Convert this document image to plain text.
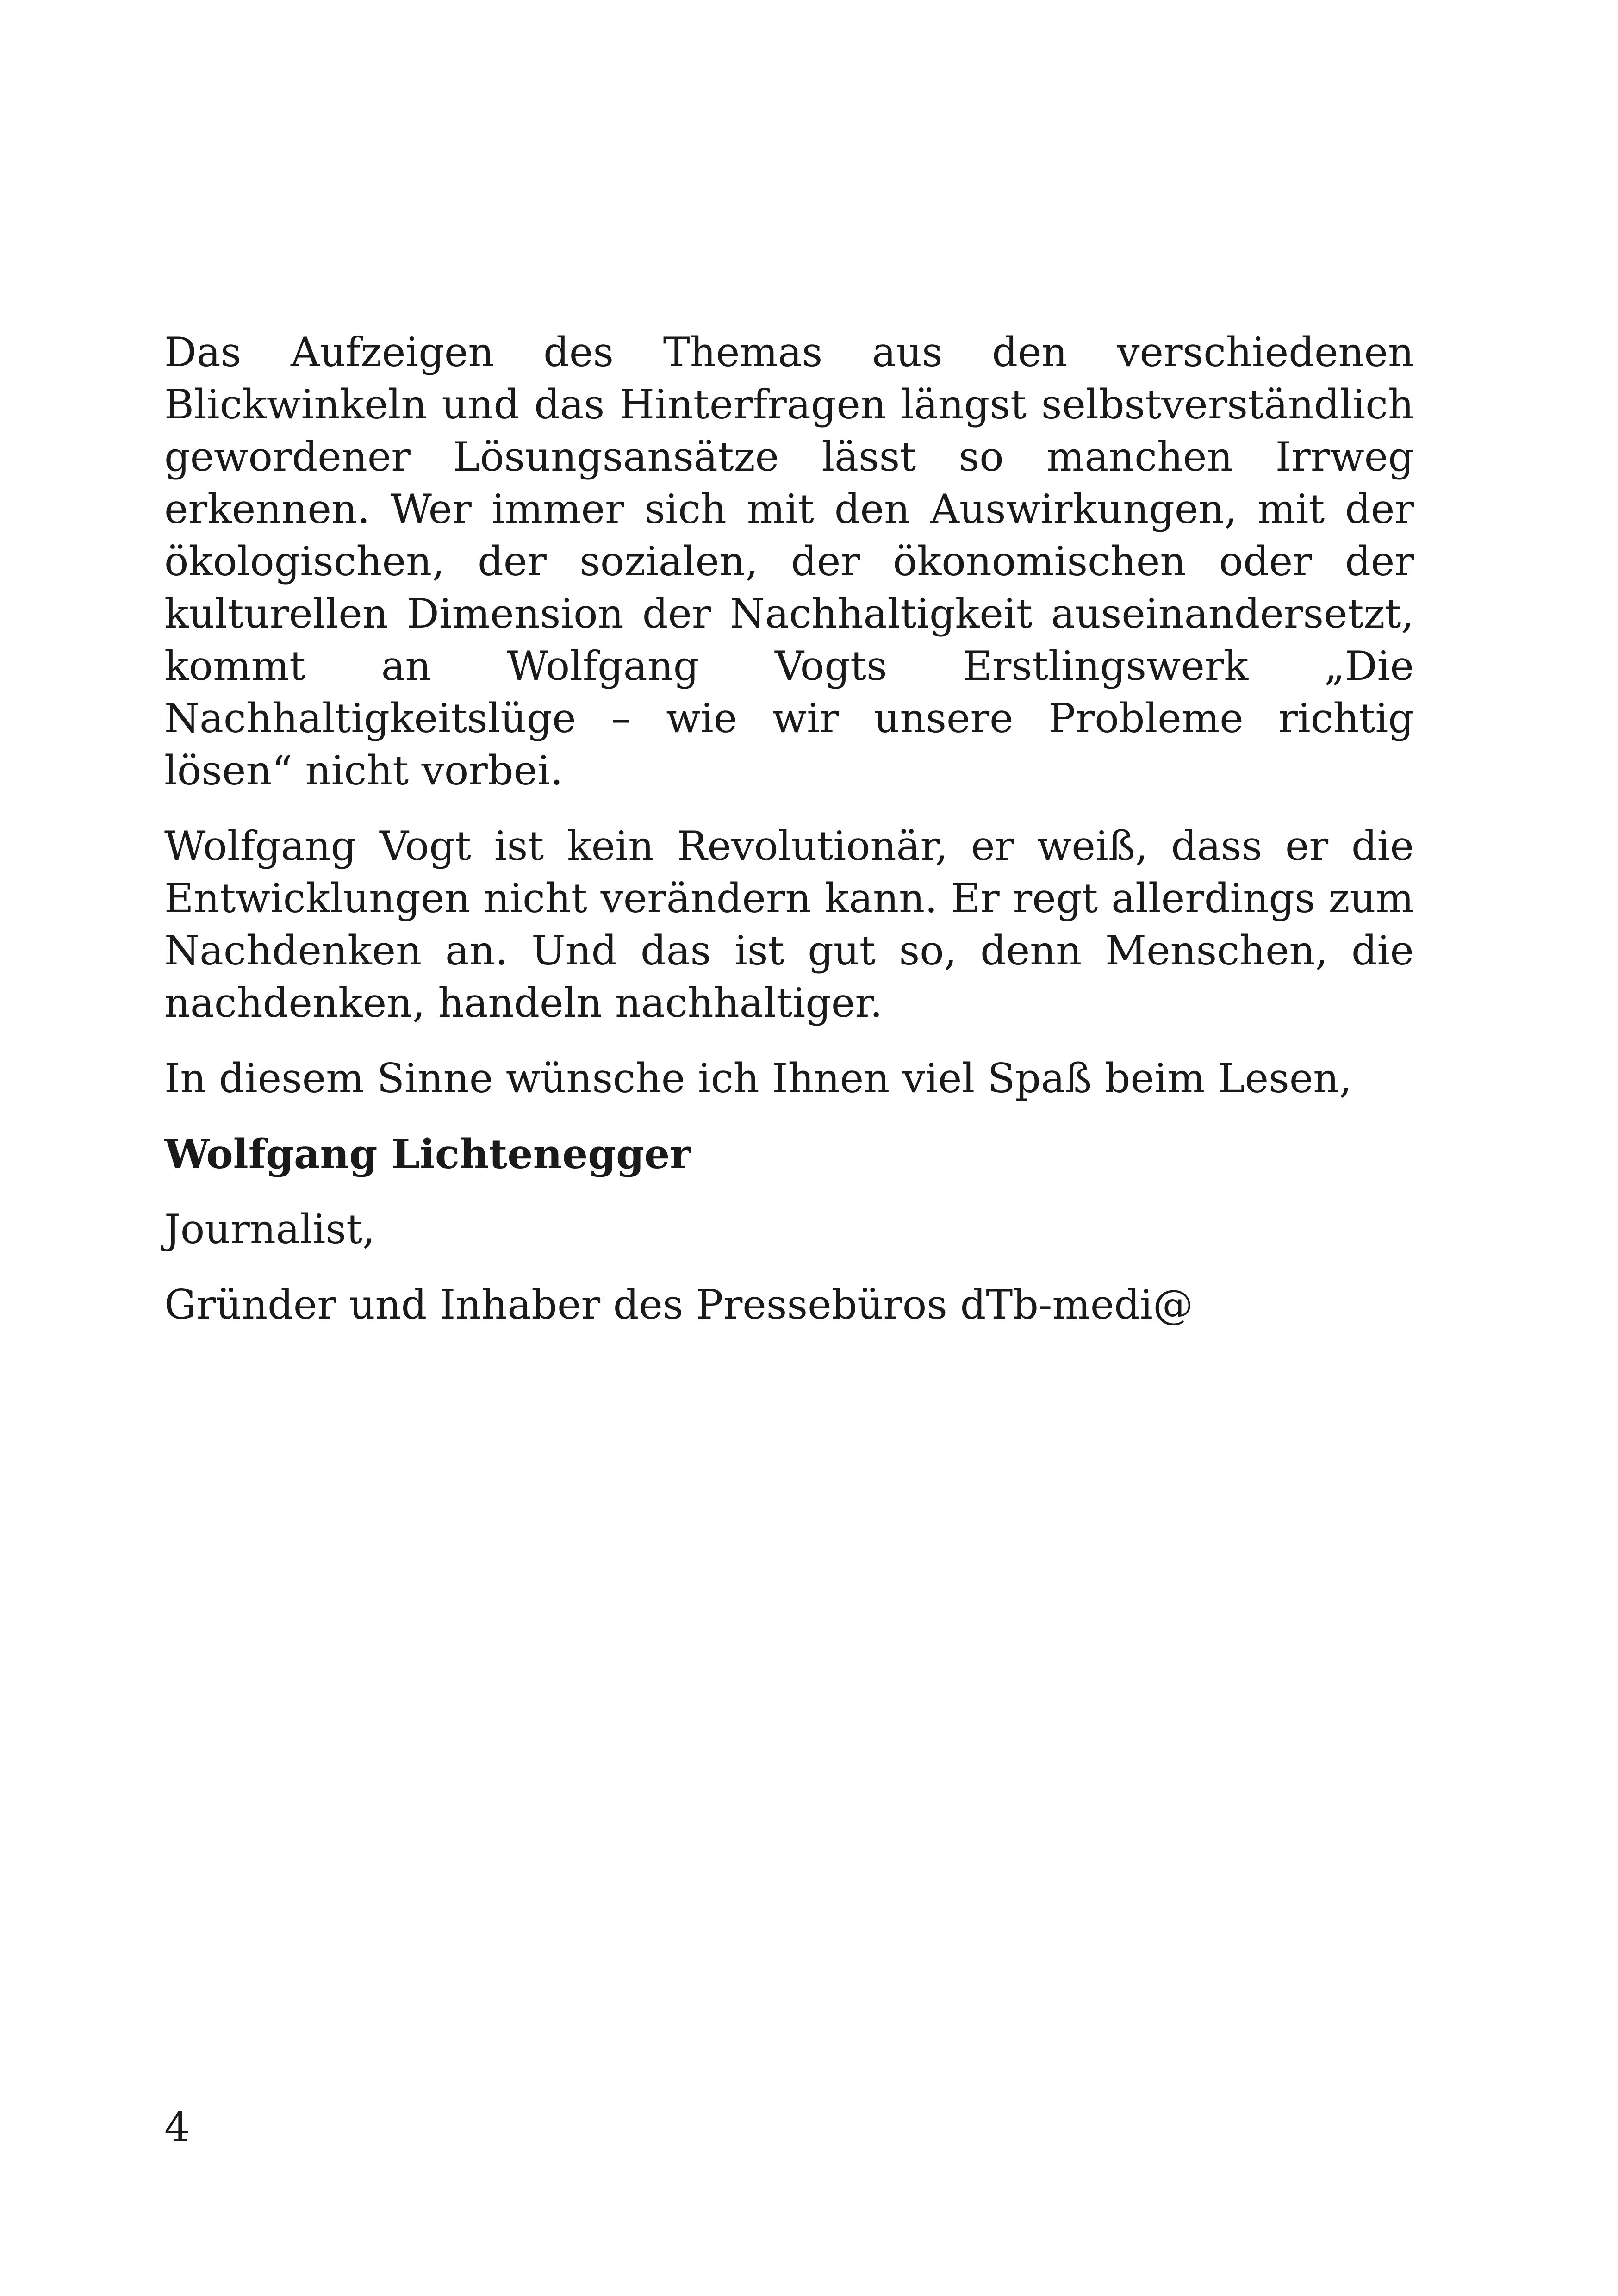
Das Aufzeigen des Themas aus den verschiedenen Blickwinkeln und das Hinterfragen längst selbstverständlich gewordener Lösungsansätze lässt so manchen Irrweg erkennen. Wer immer sich mit den Auswirkungen, mit der ökologischen, der sozialen, der ökonomischen oder der kulturellen Dimension der Nachhaltigkeit auseinandersetzt, kommt an Wolfgang Vogts Erstlingswerk „Die Nachhaltigkeitslüge – wie wir unsere Probleme richtig lösen“ nicht vorbei.

Wolfgang Vogt ist kein Revolutionär, er weiß, dass er die Entwicklungen nicht verändern kann. Er regt allerdings zum Nachdenken an. Und das ist gut so, denn Menschen, die nachdenken, handeln nachhaltiger.

In diesem Sinne wünsche ich Ihnen viel Spaß beim Lesen,

Wolfgang Lichtenegger

Journalist,

Gründer und Inhaber des Pressebüros dTb-medi@

4
